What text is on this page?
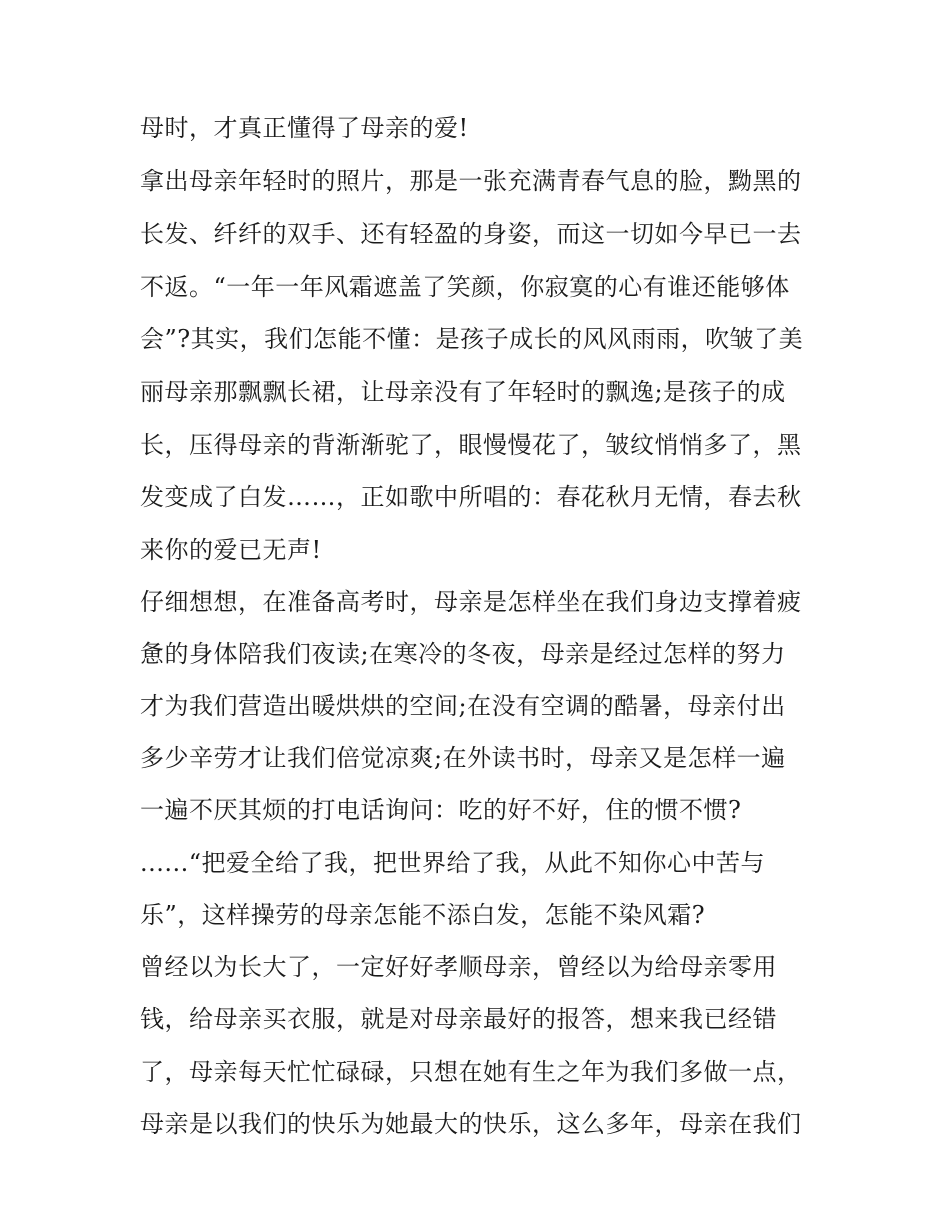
母时，才真正懂得了母亲的爱!
拿出母亲年轻时的照片，那是一张充满青春气息的脸，黝黑的
长发、纤纤的双手、还有轻盈的身姿，而这一切如今早已一去
不返。“一年一年风霜遮盖了笑颜，你寂寞的心有谁还能够体
会”?其实，我们怎能不懂：是孩子成长的风风雨雨，吹皱了美
丽母亲那飘飘长裙，让母亲没有了年轻时的飘逸;是孩子的成
长，压得母亲的背渐渐驼了，眼慢慢花了，皱纹悄悄多了，黑
发变成了白发……，正如歌中所唱的：春花秋月无情，春去秋
来你的爱已无声!
仔细想想，在准备高考时，母亲是怎样坐在我们身边支撑着疲
惫的身体陪我们夜读;在寒冷的冬夜，母亲是经过怎样的努力
才为我们营造出暖烘烘的空间;在没有空调的酷暑，母亲付出
多少辛劳才让我们倍觉凉爽;在外读书时，母亲又是怎样一遍
一遍不厌其烦的打电话询问：吃的好不好，住的惯不惯?
......“把爱全给了我，把世界给了我，从此不知你心中苦与
乐”，这样操劳的母亲怎能不添白发，怎能不染风霜?
曾经以为长大了，一定好好孝顺母亲，曾经以为给母亲零用
钱，给母亲买衣服，就是对母亲最好的报答，想来我已经错
了，母亲每天忙忙碌碌，只想在她有生之年为我们多做一点，
母亲是以我们的快乐为她最大的快乐，这么多年，母亲在我们
